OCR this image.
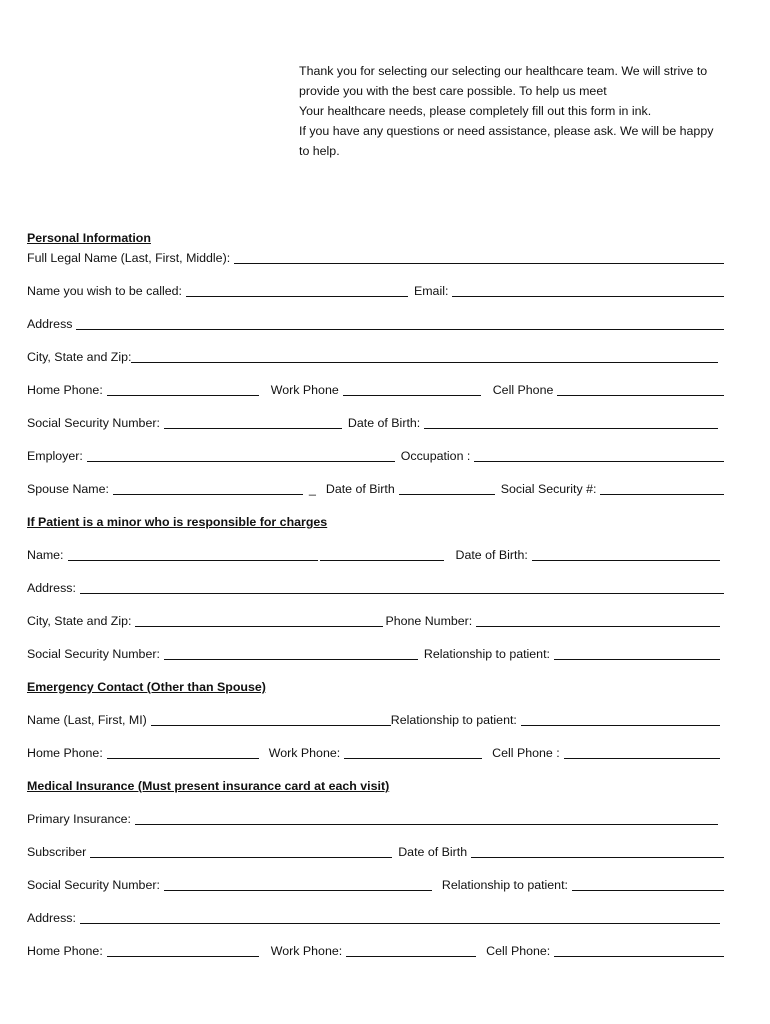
Thank you for selecting our selecting our healthcare team. We will strive to
provide you with the best care possible. To help us meet
Your healthcare needs, please completely fill out this form in ink.
If you have any questions or need assistance, please ask. We will be happy
to help.
Personal Information
Full Legal Name (Last, First, Middle):
Name you wish to be called:	Email:
Address
City, State and Zip:
Home Phone:	Work Phone	Cell Phone
Social Security Number:	Date of Birth:
Employer:	Occupation :
Spouse Name:	_ Date of Birth	Social Security #:
If Patient is a minor who is responsible for charges
Name:	Date of Birth:
Address:
City, State and Zip:	Phone Number:
Social Security Number:	Relationship to patient:
Emergency Contact (Other than Spouse)
Name (Last, First, MI)	Relationship to patient:
Home Phone:	Work Phone:	Cell Phone :
Medical Insurance (Must present insurance card at each visit)
Primary Insurance:
Subscriber	Date of Birth
Social Security Number:	Relationship to patient:
Address:
Home Phone:	Work Phone:	Cell Phone:
